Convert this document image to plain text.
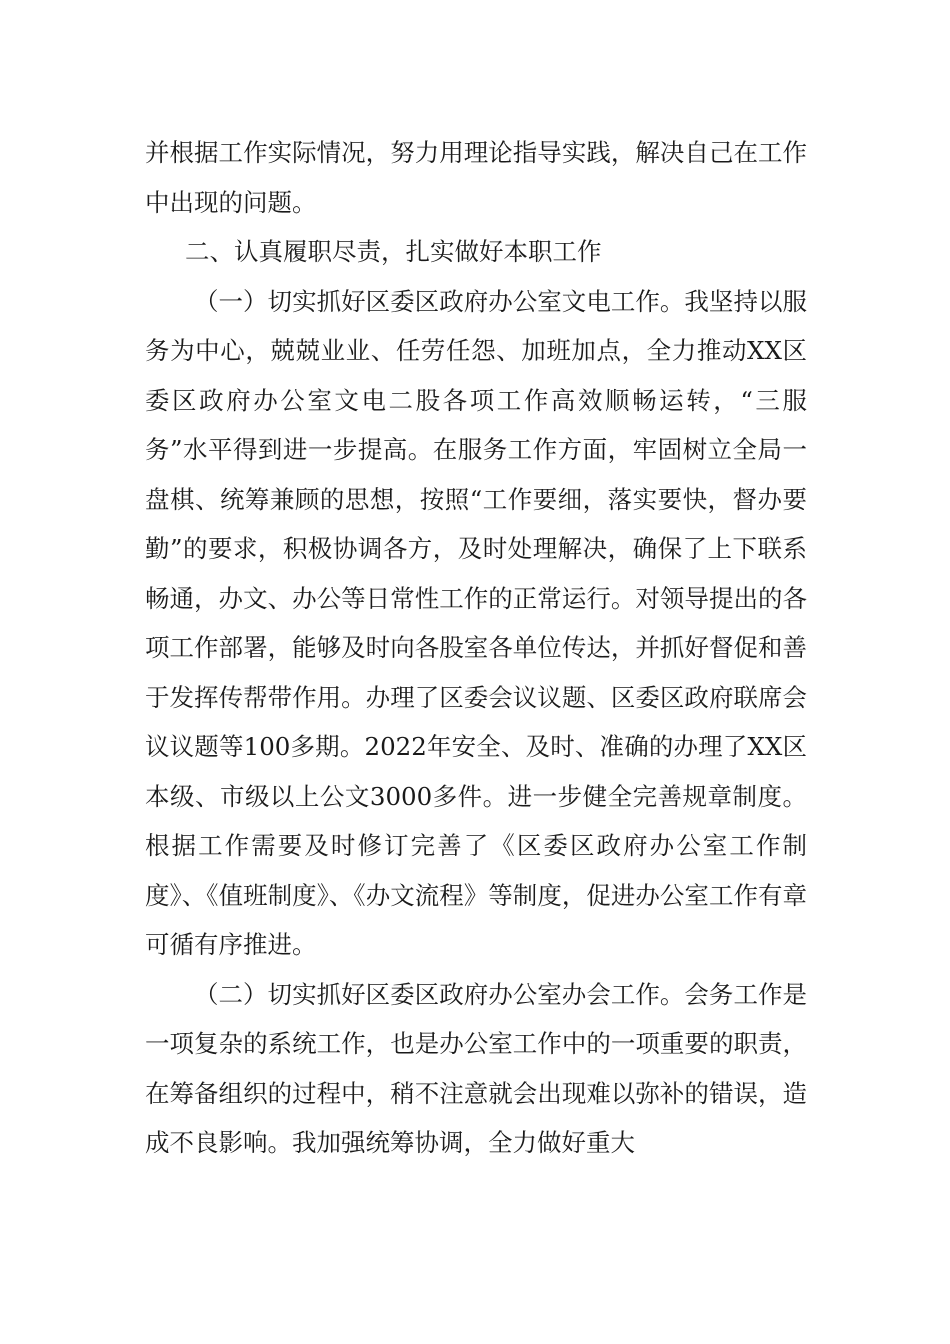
并根据工作实际情况，努力用理论指导实践，解决自己在工作中出现的问题。

二、认真履职尽责，扎实做好本职工作

（一）切实抓好区委区政府办公室文电工作。我坚持以服务为中心，兢兢业业、任劳任怨、加班加点，全力推动XX区委区政府办公室文电二股各项工作高效顺畅运转，“三服务”水平得到进一步提高。在服务工作方面，牢固树立全局一盘棋、统筹兼顾的思想，按照“工作要细，落实要快，督办要勤”的要求，积极协调各方，及时处理解决，确保了上下联系畅通，办文、办公等日常性工作的正常运行。对领导提出的各项工作部署，能够及时向各股室各单位传达，并抓好督促和善于发挥传帮带作用。办理了区委会议议题、区委区政府联席会议议题等100多期。2022年安全、及时、准确的办理了XX区本级、市级以上公文3000多件。进一步健全完善规章制度。根据工作需要及时修订完善了《区委区政府办公室工作制度》、《值班制度》、《办文流程》等制度，促进办公室工作有章可循有序推进。

（二）切实抓好区委区政府办公室办会工作。会务工作是一项复杂的系统工作，也是办公室工作中的一项重要的职责，在筹备组织的过程中，稍不注意就会出现难以弥补的错误，造成不良影响。我加强统筹协调，全力做好重大
